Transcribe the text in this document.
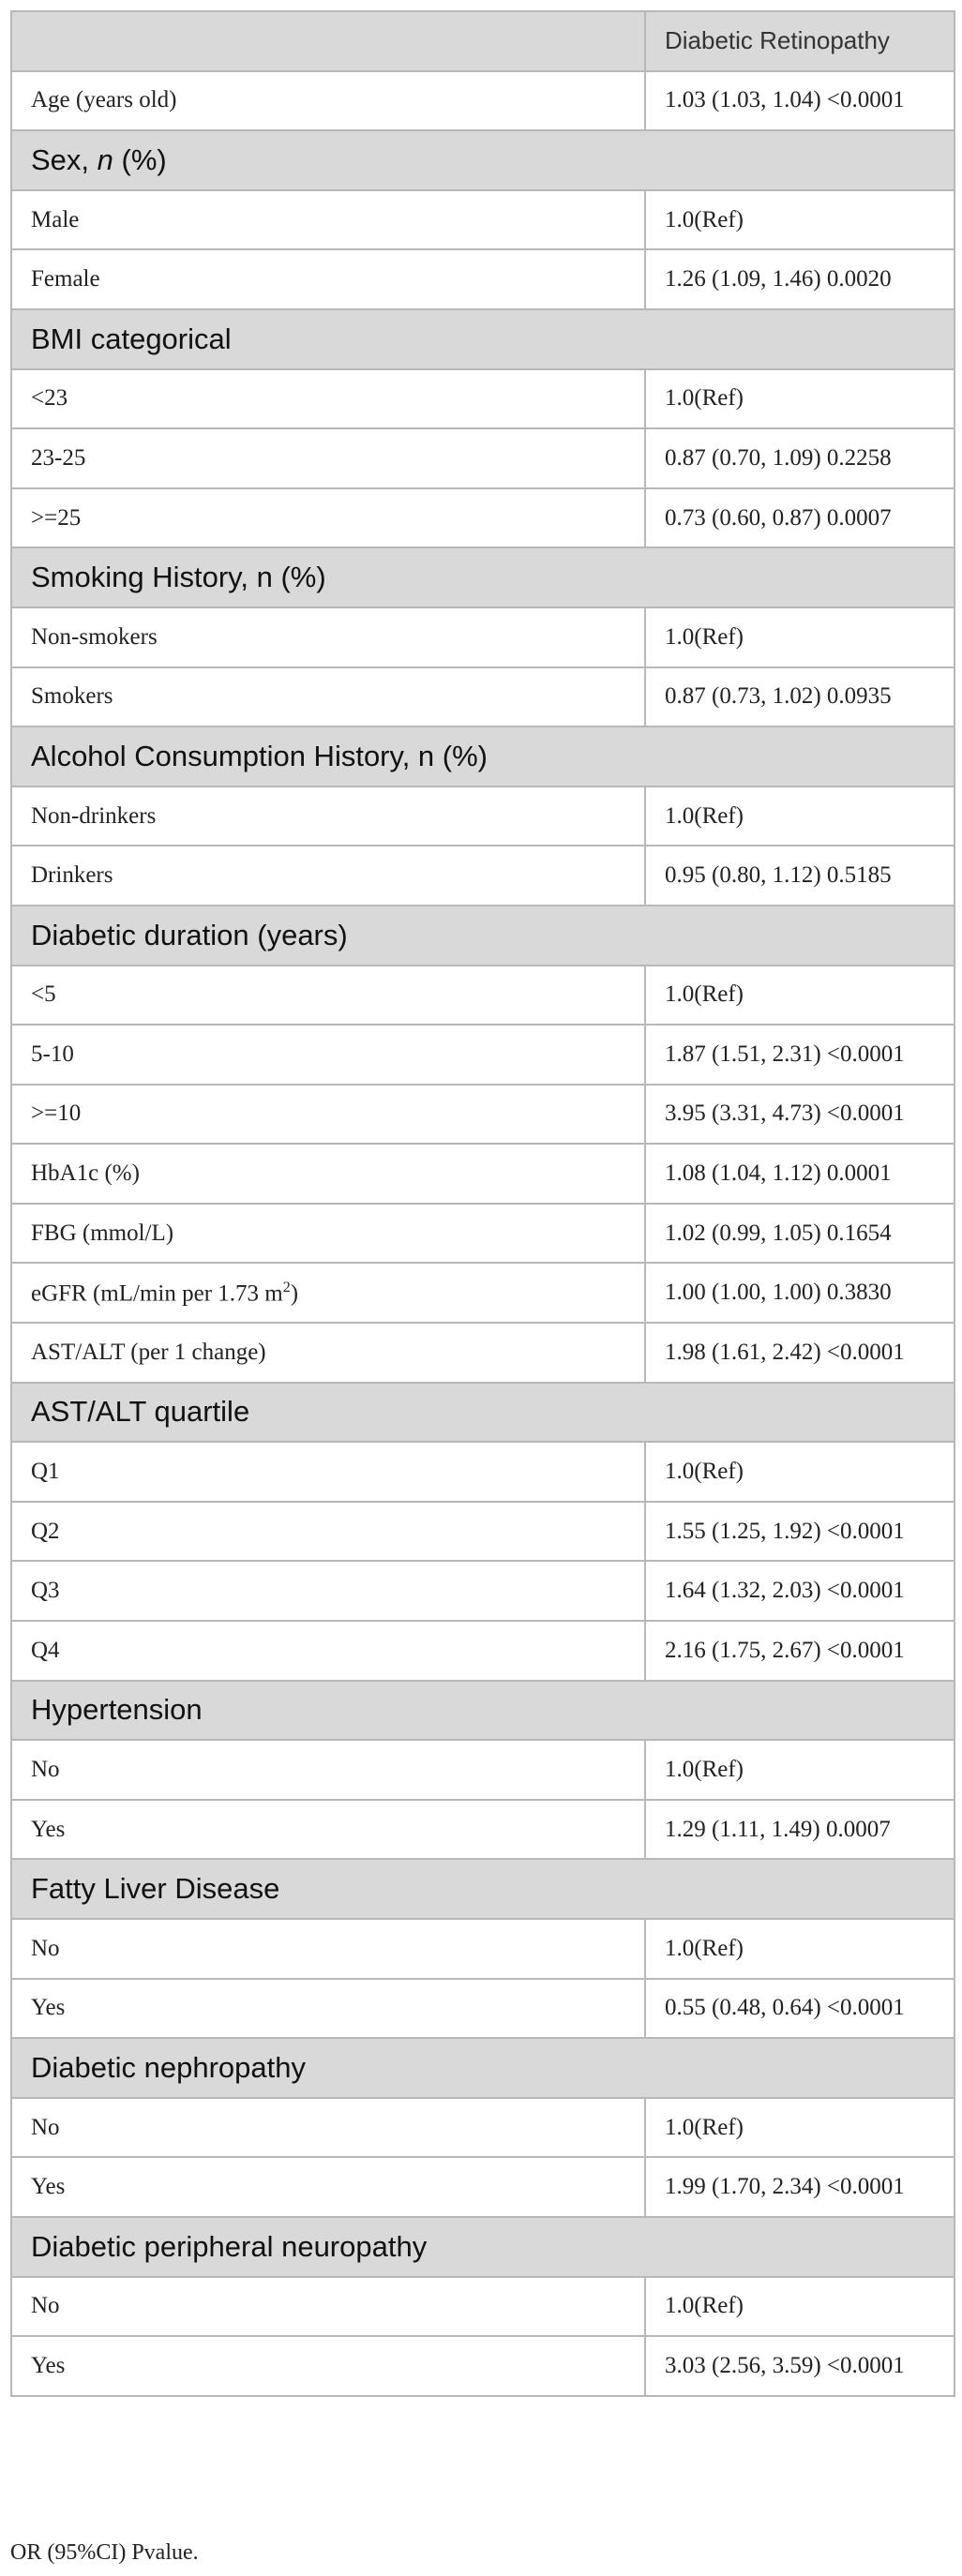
	Diabetic Retinopathy
Age (years old)	1.03 (1.03, 1.04) <0.0001
Sex, n (%)	
Male	1.0(Ref)
Female	1.26 (1.09, 1.46) 0.0020
BMI categorical	
<23	1.0(Ref)
23-25	0.87 (0.70, 1.09) 0.2258
>=25	0.73 (0.60, 0.87) 0.0007
Smoking History, n (%)	
Non-smokers	1.0(Ref)
Smokers	0.87 (0.73, 1.02) 0.0935
Alcohol Consumption History, n (%)	
Non-drinkers	1.0(Ref)
Drinkers	0.95 (0.80, 1.12) 0.5185
Diabetic duration (years)	
<5	1.0(Ref)
5-10	1.87 (1.51, 2.31) <0.0001
>=10	3.95 (3.31, 4.73) <0.0001
HbA1c (%)	1.08 (1.04, 1.12) 0.0001
FBG (mmol/L)	1.02 (0.99, 1.05) 0.1654
eGFR (mL/min per 1.73 $m^2$)	1.00 (1.00, 1.00) 0.3830
AST/ALT (per 1 change)	1.98 (1.61, 2.42) <0.0001
AST/ALT quartile	
Q1	1.0(Ref)
Q2	1.55 (1.25, 1.92) <0.0001
Q3	1.64 (1.32, 2.03) <0.0001
Q4	2.16 (1.75, 2.67) <0.0001
Hypertension	
No	1.0(Ref)
Yes	1.29 (1.11, 1.49) 0.0007
Fatty Liver Disease	
No	1.0(Ref)
Yes	0.55 (0.48, 0.64) <0.0001
Diabetic nephropathy	
No	1.0(Ref)
Yes	1.99 (1.70, 2.34) <0.0001
Diabetic peripheral neuropathy	
No	1.0(Ref)
Yes	3.03 (2.56, 3.59) <0.0001
OR (95%CI) Pvalue.
